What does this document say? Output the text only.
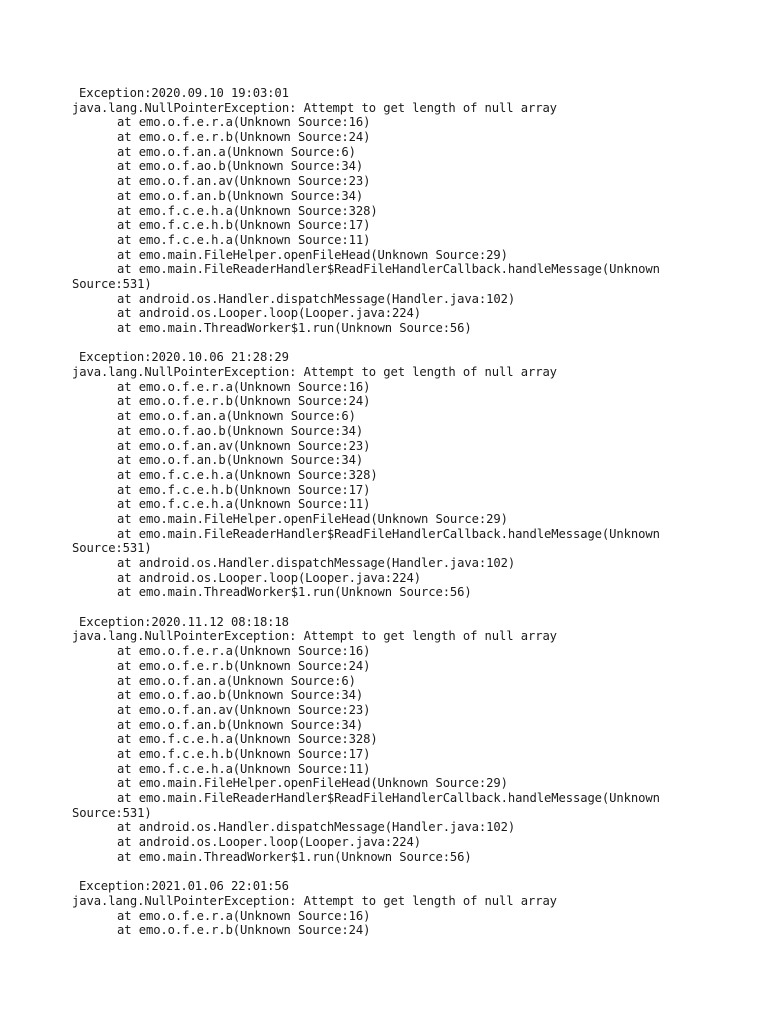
Exception:2020.09.10 19:03:01
java.lang.NullPointerException: Attempt to get length of null array
at emo.o.f.e.r.a(Unknown Source:16)
at emo.o.f.e.r.b(Unknown Source:24)
at emo.o.f.an.a(Unknown Source:6)
at emo.o.f.ao.b(Unknown Source:34)
at emo.o.f.an.av(Unknown Source:23)
at emo.o.f.an.b(Unknown Source:34)
at emo.f.c.e.h.a(Unknown Source:328)
at emo.f.c.e.h.b(Unknown Source:17)
at emo.f.c.e.h.a(Unknown Source:11)
at emo.main.FileHelper.openFileHead(Unknown Source:29)
at emo.main.FileReaderHandler$ReadFileHandlerCallback.handleMessage(Unknown
Source:531)
at android.os.Handler.dispatchMessage(Handler.java:102)
at android.os.Looper.loop(Looper.java:224)
at emo.main.ThreadWorker$1.run(Unknown Source:56)
Exception:2020.10.06 21:28:29
java.lang.NullPointerException: Attempt to get length of null array
at emo.o.f.e.r.a(Unknown Source:16)
at emo.o.f.e.r.b(Unknown Source:24)
at emo.o.f.an.a(Unknown Source:6)
at emo.o.f.ao.b(Unknown Source:34)
at emo.o.f.an.av(Unknown Source:23)
at emo.o.f.an.b(Unknown Source:34)
at emo.f.c.e.h.a(Unknown Source:328)
at emo.f.c.e.h.b(Unknown Source:17)
at emo.f.c.e.h.a(Unknown Source:11)
at emo.main.FileHelper.openFileHead(Unknown Source:29)
at emo.main.FileReaderHandler$ReadFileHandlerCallback.handleMessage(Unknown
Source:531)
at android.os.Handler.dispatchMessage(Handler.java:102)
at android.os.Looper.loop(Looper.java:224)
at emo.main.ThreadWorker$1.run(Unknown Source:56)
Exception:2020.11.12 08:18:18
java.lang.NullPointerException: Attempt to get length of null array
at emo.o.f.e.r.a(Unknown Source:16)
at emo.o.f.e.r.b(Unknown Source:24)
at emo.o.f.an.a(Unknown Source:6)
at emo.o.f.ao.b(Unknown Source:34)
at emo.o.f.an.av(Unknown Source:23)
at emo.o.f.an.b(Unknown Source:34)
at emo.f.c.e.h.a(Unknown Source:328)
at emo.f.c.e.h.b(Unknown Source:17)
at emo.f.c.e.h.a(Unknown Source:11)
at emo.main.FileHelper.openFileHead(Unknown Source:29)
at emo.main.FileReaderHandler$ReadFileHandlerCallback.handleMessage(Unknown
Source:531)
at android.os.Handler.dispatchMessage(Handler.java:102)
at android.os.Looper.loop(Looper.java:224)
at emo.main.ThreadWorker$1.run(Unknown Source:56)
Exception:2021.01.06 22:01:56
java.lang.NullPointerException: Attempt to get length of null array
at emo.o.f.e.r.a(Unknown Source:16)
at emo.o.f.e.r.b(Unknown Source:24)
